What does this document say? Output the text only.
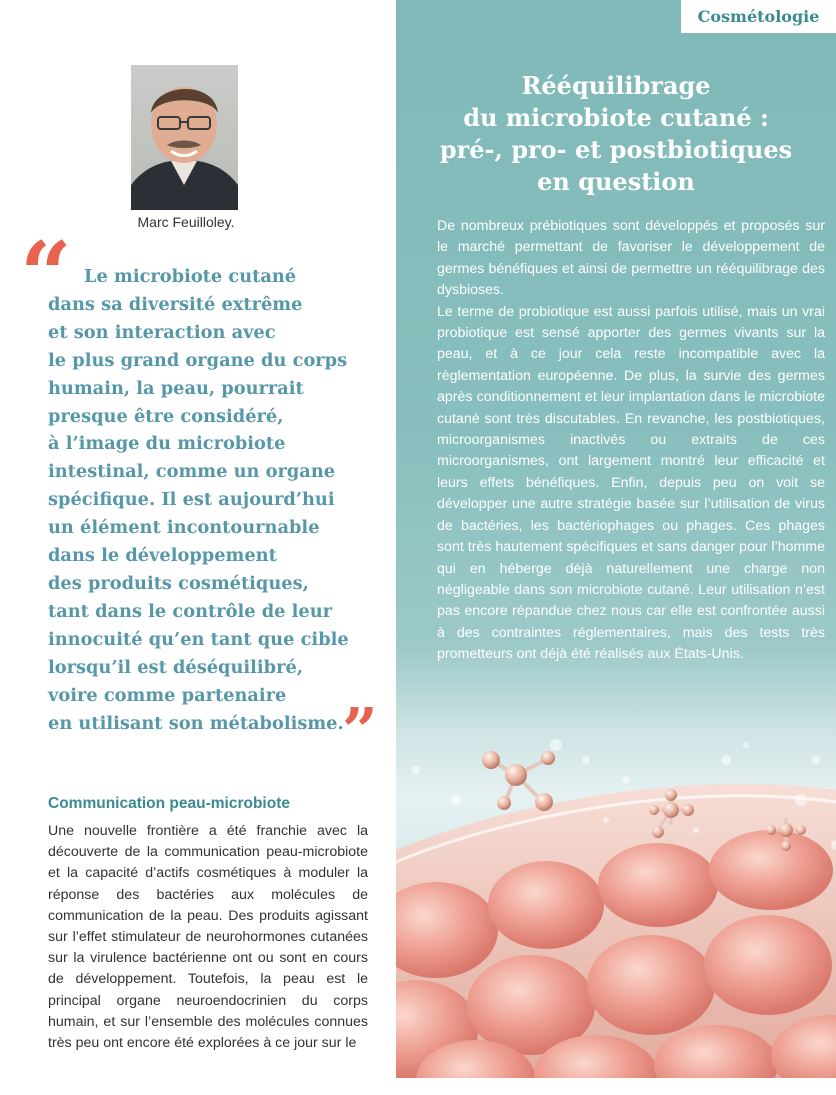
Cosmétologie
Rééquilibrage
du microbiote cutané :
pré-, pro- et postbiotiques
en question

De nombreux prébiotiques sont développés et proposés sur le marché permettant de favoriser le développement de germes bénéfiques et ainsi de permettre un rééquilibrage des dysbioses.

Le terme de probiotique est aussi parfois utilisé, mais un vrai probiotique est sensé apporter des germes vivants sur la peau, et à ce jour cela reste incompatible avec la règlementation européenne. De plus, la survie des germes après conditionnement et leur implantation dans le microbiote cutané sont très discutables. En revanche, les postbiotiques, microorganismes inactivés ou extraits de ces microorganismes, ont largement montré leur efficacité et leurs effets bénéfiques. Enfin, depuis peu on voit se développer une autre stratégie basée sur l’utilisation de virus de bactéries, les bactériophages ou phages. Ces phages sont très hautement spécifiques et sans danger pour l’homme qui en héberge déjà naturellement une charge non négligeable dans son microbiote cutané. Leur utilisation n’est pas encore répandue chez nous car elle est confrontée aussi à des contraintes réglementaires, mais des tests très prometteurs ont déjà été réalisés aux États-Unis.

Marc Feuilloley.

“ Le microbiote cutané
dans sa diversité extrême
et son interaction avec
le plus grand organe du corps
humain, la peau, pourrait
presque être considéré,
à l’image du microbiote
intestinal, comme un organe
spécifique. Il est aujourd’hui
un élément incontournable
dans le développement
des produits cosmétiques,
tant dans le contrôle de leur
innocuité qu’en tant que cible
lorsqu’il est déséquilibré,
voire comme partenaire
en utilisant son métabolisme.

”
Communication peau-microbiote

Une nouvelle frontière a été franchie avec la découverte de la communication peau-microbiote et la capacité d’actifs cosmétiques à moduler la réponse des bactéries aux molécules de communication de la peau. Des produits agissant sur l’effet stimulateur de neurohormones cutanées sur la virulence bactérienne ont ou sont en cours de développement. Toutefois, la peau est le principal organe neuroendocrinien du corps humain, et sur l’ensemble des molécules connues très peu ont encore été explorées à ce jour sur le
